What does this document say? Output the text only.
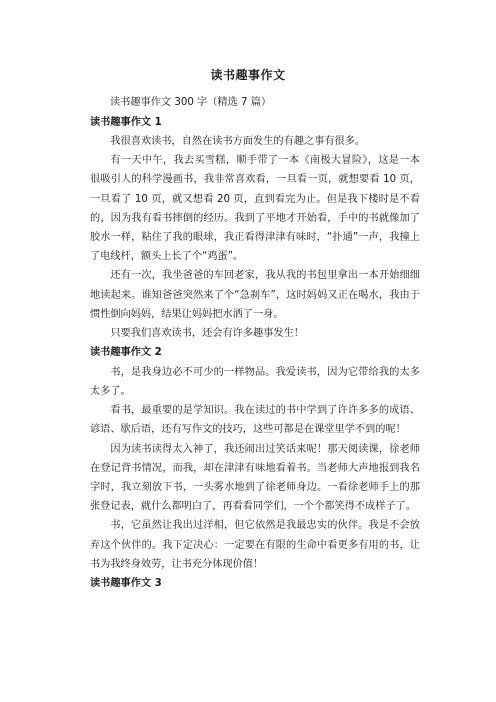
读书趣事作文

读书趣事作文 300 字（精选 7 篇）

读书趣事作文 1

我很喜欢读书，自然在读书方面发生的有趣之事有很多。

有一天中午，我去买雪糕，顺手带了一本《南极大冒险》，这是一本很吸引人的科学漫画书，我非常喜欢看，一旦看一页，就想要看 10 页，一旦看了 10 页，就又想看 20 页，直到看完为止。但是我下楼时是不看的，因为我有看书摔倒的经历。我到了平地才开始看，手中的书就像加了胶水一样，粘住了我的眼球，我正看得津津有味时，“扑通”一声，我撞上了电线杆，额头上长了个“鸡蛋”。

还有一次，我坐爸爸的车回老家，我从我的书包里拿出一本开始细细地读起来。谁知爸爸突然来了个“急刹车”，这时妈妈又正在喝水，我由于惯性倒向妈妈，结果让妈妈把水洒了一身。

只要我们喜欢读书，还会有许多趣事发生！

读书趣事作文 2

书，是我身边必不可少的一样物品。我爱读书，因为它带给我的太多太多了。

看书，最重要的是学知识。我在读过的书中学到了许许多多的成语、谚语、歇后语，还有写作文的技巧，这些可都是在课堂里学不到的呢！

因为读书读得太入神了，我还闹出过笑话来呢！那天阅读课，徐老师在登记背书情况，而我，却在津津有味地看着书。当老师大声地报到我名字时，我立刻放下书，一头雾水地到了徐老师身边。一看徐老师手上的那张登记表，就什么都明白了，再看看同学们，一个个都笑得不成样子了。

书，它虽然让我出过洋相，但它依然是我最忠实的伙伴。我是不会放弃这个伙伴的。我下定决心：一定要在有限的生命中看更多有用的书，让书为我终身效劳，让书充分体现价值！

读书趣事作文 3
